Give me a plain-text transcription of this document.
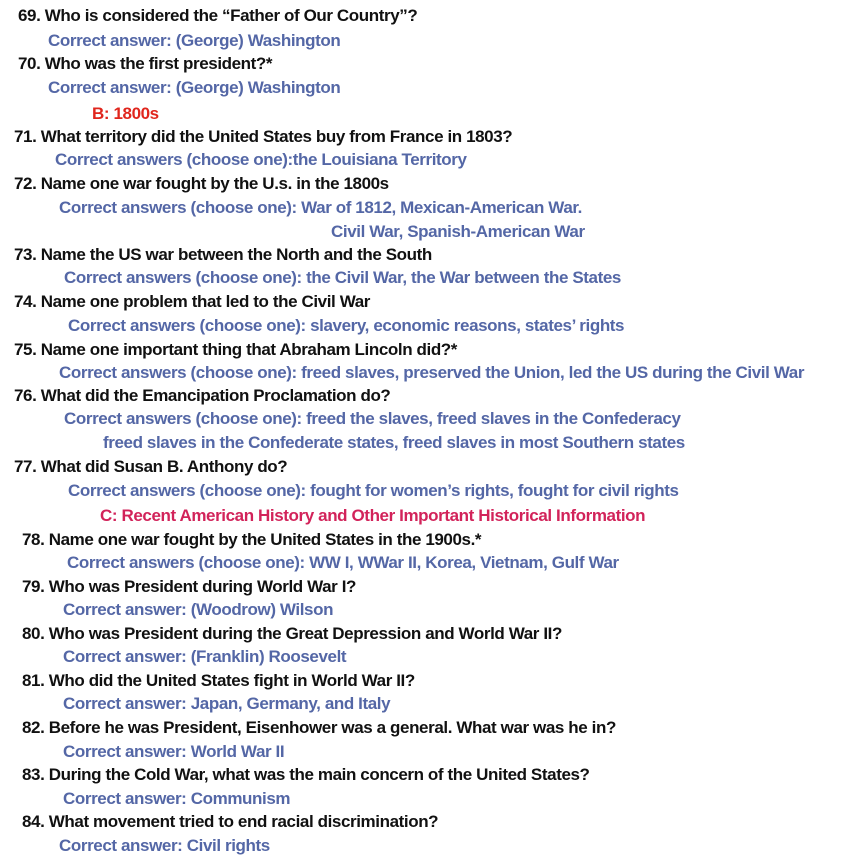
69. Who is considered the “Father of Our Country”?
Correct answer: (George) Washington
70. Who was the first president?*
Correct answer: (George) Washington
B: 1800s
71. What territory did the United States buy from France in 1803?
Correct answers (choose one):the Louisiana Territory
72. Name one war fought by the U.s. in the 1800s
Correct answers (choose one): War of 1812, Mexican-American War.
Civil War, Spanish-American War
73. Name the US war between the North and the South
Correct answers (choose one): the Civil War, the War between the States
74. Name one problem that led to the Civil War
Correct answers (choose one): slavery, economic reasons, states’ rights
75. Name one important thing that Abraham Lincoln did?*
Correct answers (choose one): freed slaves, preserved the Union, led the US during the Civil War
76. What did the Emancipation Proclamation do?
Correct answers (choose one): freed the slaves, freed slaves in the Confederacy
freed slaves in the Confederate states, freed slaves in most Southern states
77. What did Susan B. Anthony do?
Correct answers (choose one): fought for women’s rights, fought for civil rights
C: Recent American History and Other Important Historical Information
78. Name one war fought by the United States in the 1900s.*
Correct answers (choose one): WW I, WWar II, Korea, Vietnam, Gulf War
79. Who was President during World War I?
Correct answer: (Woodrow) Wilson
80. Who was President during the Great Depression and World War II?
Correct answer: (Franklin) Roosevelt
81. Who did the United States fight in World War II?
Correct answer: Japan, Germany, and Italy
82. Before he was President, Eisenhower was a general. What war was he in?
Correct answer: World War II
83. During the Cold War, what was the main concern of the United States?
Correct answer: Communism
84. What movement tried to end racial discrimination?
Correct answer: Civil rights
